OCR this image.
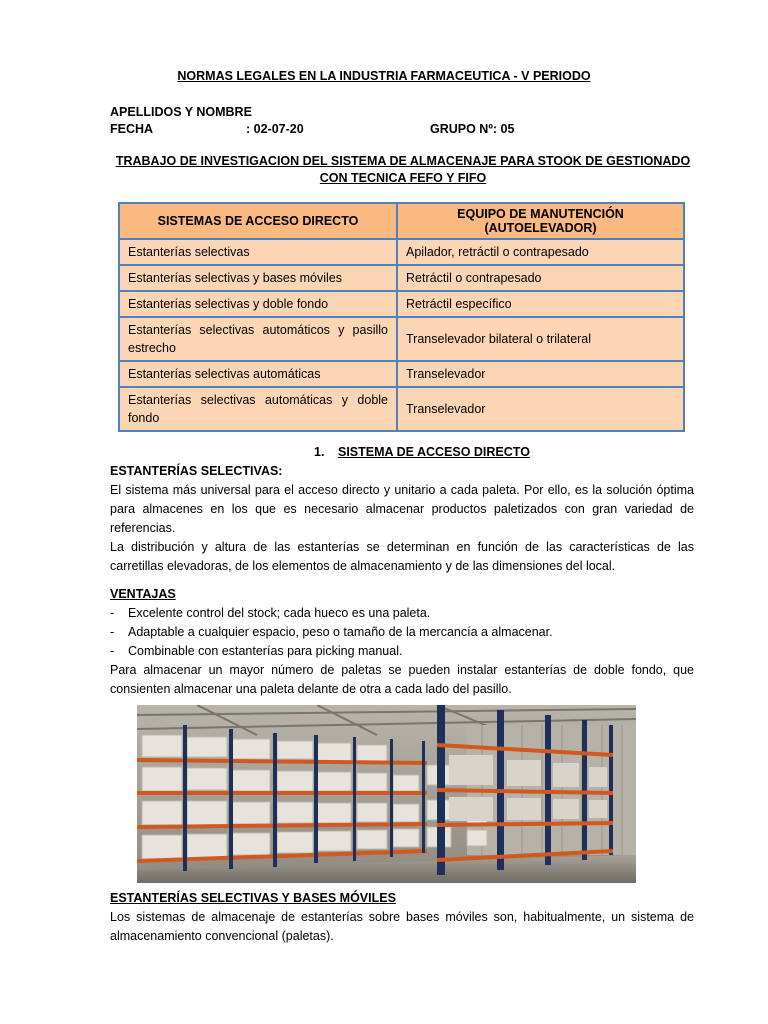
NORMAS LEGALES EN LA INDUSTRIA FARMACEUTICA - V PERIODO
APELLIDOS Y NOMBRE
FECHA	: 02-07-20	GRUPO Nº: 05
TRABAJO DE INVESTIGACION DEL SISTEMA DE ALMACENAJE PARA STOOK DE GESTIONADO CON TECNICA FEFO Y FIFO
SISTEMAS DE ACCESO DIRECTO	EQUIPO DE MANUTENCIÓN (AUTOELEVADOR)
Estanterías selectivas	Apilador, retráctil o contrapesado
Estanterías selectivas y bases móviles	Retráctil o contrapesado
Estanterías selectivas y doble fondo	Retráctil específico
Estanterías selectivas automáticos y pasillo estrecho	Transelevador bilateral o trilateral
Estanterías selectivas automáticas	Transelevador
Estanterías selectivas automáticas y doble fondo	Transelevador
1. SISTEMA DE ACCESO DIRECTO
ESTANTERÍAS SELECTIVAS:
El sistema más universal para el acceso directo y unitario a cada paleta. Por ello, es la solución óptima para almacenes en los que es necesario almacenar productos paletizados con gran variedad de referencias.
La distribución y altura de las estanterías se determinan en función de las características de las carretillas elevadoras, de los elementos de almacenamiento y de las dimensiones del local.
VENTAJAS
-	Excelente control del stock; cada hueco es una paleta.
-	Adaptable a cualquier espacio, peso o tamaño de la mercancía a almacenar.
-	Combinable con estanterías para picking manual.
Para almacenar un mayor número de paletas se pueden instalar estanterías de doble fondo, que consienten almacenar una paleta delante de otra a cada lado del pasillo.
ESTANTERÍAS SELECTIVAS Y BASES MÓVILES
Los sistemas de almacenaje de estanterías sobre bases móviles son, habitualmente, un sistema de almacenamiento convencional (paletas).
